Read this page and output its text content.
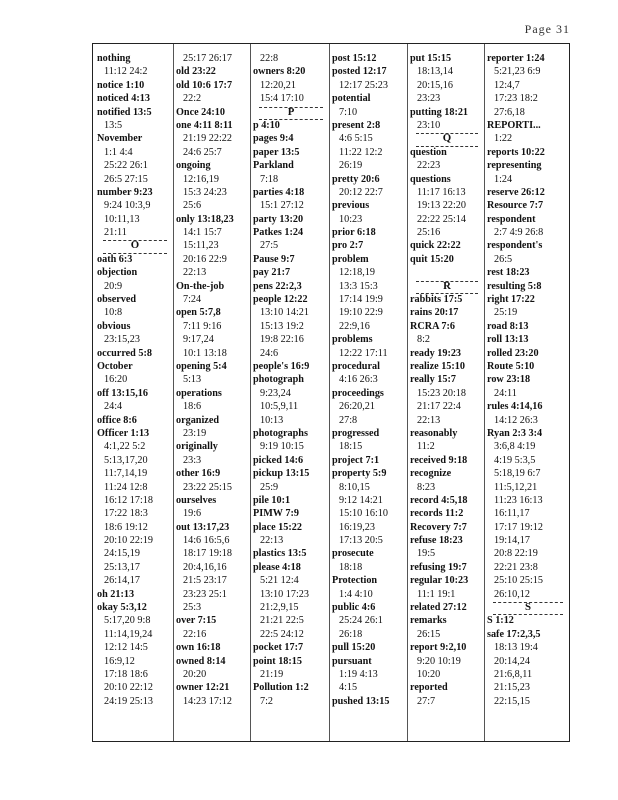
Page 31
nothing
11:12 24:2
notice 1:10
noticed 4:13
notified 13:5
13:5
November
1:1 4:4
25:22 26:1
26:5 27:15
number 9:23
9:24 10:3,9
10:11,13
21:11
O
oath 6:3
objection
20:9
observed
10:8
obvious
23:15,23
occurred 5:8
October
16:20
off 13:15,16
24:4
office 8:6
Officer 1:13
4:1,22 5:2
5:13,17,20
11:7,14,19
11:24 12:8
16:12 17:18
17:22 18:3
18:6 19:12
20:10 22:19
24:15,19
25:13,17
26:14,17
oh 21:13
okay 5:3,12
5:17,20 9:8
11:14,19,24
12:12 14:5
16:9,12
17:18 18:6
20:10 22:12
24:19 25:13
25:17 26:17
old 23:22
old 10:6 17:7
22:2
Once 24:10
one 4:11 8:11
21:19 22:22
24:6 25:7
ongoing
12:16,19
15:3 24:23
25:6
only 13:18,23
14:1 15:7
15:11,23
20:16 22:9
22:13
On-the-job
7:24
open 5:7,8
7:11 9:16
9:17,24
10:1 13:18
opening 5:4
5:13
operations
18:6
organized
23:19
originally
23:3
other 16:9
23:22 25:15
ourselves
19:6
out 13:17,23
14:6 16:5,6
18:17 19:18
20:4,16,16
21:5 23:17
23:23 25:1
25:3
over 7:15
22:16
own 16:18
owned 8:14
20:20
owner 12:21
14:23 17:12
22:8
owners 8:20
12:20,21
15:4 17:10
P
p 4:10
pages 9:4
paper 13:5
Parkland
7:18
parties 4:18
15:1 27:12
party 13:20
Patkes 1:24
27:5
Pause 9:7
pay 21:7
pens 22:2,3
people 12:22
13:10 14:21
15:13 19:2
19:8 22:16
24:6
people's 16:9
photograph
9:23,24
10:5,9,11
10:13
photographs
9:19 10:15
picked 14:6
pickup 13:15
25:9
pile 10:1
PIMW 7:9
place 15:22
22:13
plastics 13:5
please 4:18
5:21 12:4
13:10 17:23
21:2,9,15
21:21 22:5
22:5 24:12
pocket 17:7
point 18:15
21:19
Pollution 1:2
7:2
post 15:12
posted 12:17
12:17 25:23
potential
7:10
present 2:8
4:6 5:15
11:22 12:2
26:19
pretty 20:6
20:12 22:7
previous
10:23
prior 6:18
pro 2:7
problem
12:18,19
13:3 15:3
17:14 19:9
19:10 22:9
22:9,16
problems
12:22 17:11
procedural
4:16 26:3
proceedings
26:20,21
27:8
progressed
18:15
project 7:1
property 5:9
8:10,15
9:12 14:21
15:10 16:10
16:19,23
17:13 20:5
prosecute
18:18
Protection
1:4 4:10
public 4:6
25:24 26:1
26:18
pull 15:20
pursuant
1:19 4:13
4:15
pushed 13:15
put 15:15
18:13,14
20:15,16
23:23
putting 18:21
23:10
Q
question
22:23
questions
11:17 16:13
19:13 22:20
22:22 25:14
25:16
quick 22:22
quit 15:20
R
rabbits 17:5
rains 20:17
RCRA 7:6
8:2
ready 19:23
realize 15:10
really 15:7
15:23 20:18
21:17 22:4
22:13
reasonably
11:2
received 9:18
recognize
8:23
record 4:5,18
records 11:2
Recovery 7:7
refuse 18:23
19:5
refusing 19:7
regular 10:23
11:1 19:1
related 27:12
remarks
26:15
report 9:2,10
9:20 10:19
10:20
reported
27:7
reporter 1:24
5:21,23 6:9
12:4,7
17:23 18:2
27:6,18
REPORTI...
1:22
reports 10:22
representing
1:24
reserve 26:12
Resource 7:7
respondent
2:7 4:9 26:8
respondent's
26:5
rest 18:23
resulting 5:8
right 17:22
25:19
road 8:13
roll 13:13
rolled 23:20
Route 5:10
row 23:18
24:11
rules 4:14,16
14:12 26:3
Ryan 2:3 3:4
3:6,8 4:19
4:19 5:3,5
5:18,19 6:7
11:5,12,21
11:23 16:13
16:11,17
17:17 19:12
19:14,17
20:8 22:19
22:21 23:8
25:10 25:15
26:10,12
S
S 1:12
safe 17:2,3,5
18:13 19:4
20:14,24
21:6,8,11
21:15,23
22:15,15
